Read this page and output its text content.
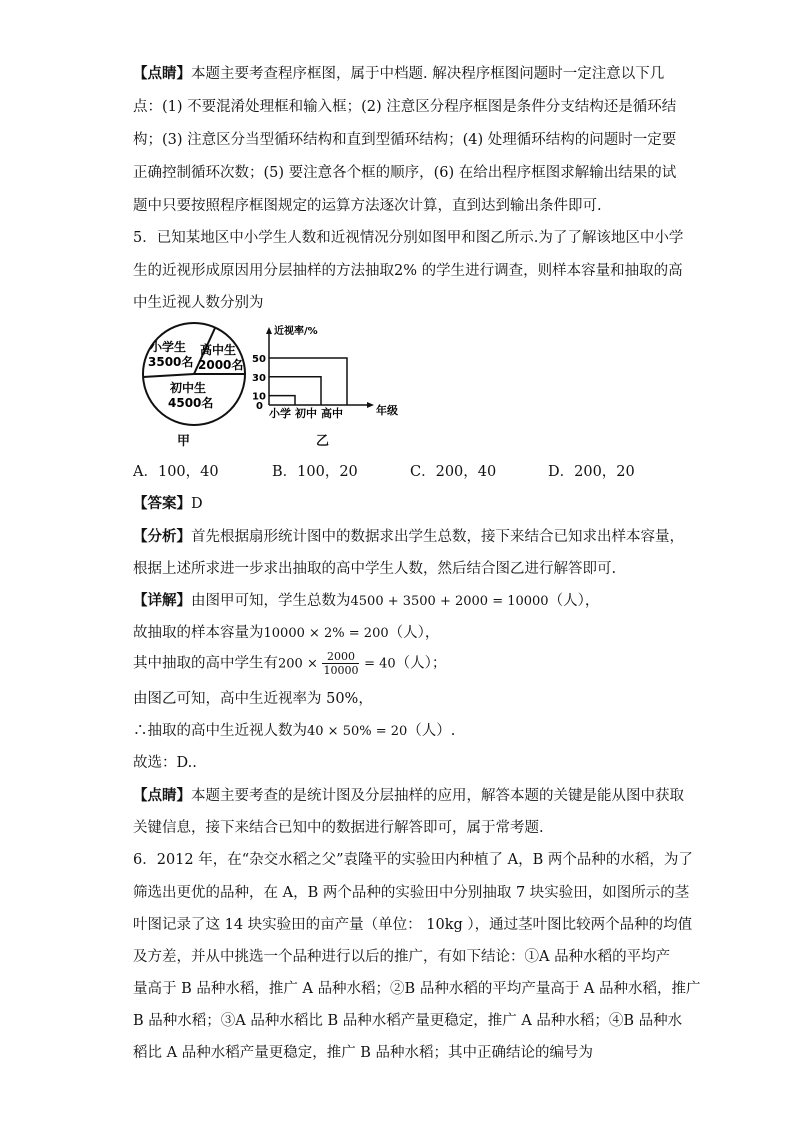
【点睛】本题主要考查程序框图，属于中档题. 解决程序框图问题时一定注意以下几
点：(1) 不要混淆处理框和输入框；(2) 注意区分程序框图是条件分支结构还是循环结
构；(3) 注意区分当型循环结构和直到型循环结构；(4) 处理循环结构的问题时一定要
正确控制循环次数；(5) 要注意各个框的顺序，(6) 在给出程序框图求解输出结果的试
题中只要按照程序框图规定的运算方法逐次计算，直到达到输出条件即可.
5．已知某地区中小学生人数和近视情况分别如图甲和图乙所示.为了了解该地区中小学
生的近视形成原因用分层抽样的方法抽取2% 的学生进行调查，则样本容量和抽取的高
中生近视人数分别为
小学生
3500名
高中生
2000名
初中生
4500名
甲
近视率/%
年级
0
10
30
50
小学 初中 高中
乙
A．100，40	B．100，20	C．200，40	D．200，20
【答案】D
【分析】首先根据扇形统计图中的数据求出学生总数，接下来结合已知求出样本容量，
根据上述所求进一步求出抽取的高中学生人数，然后结合图乙进行解答即可.
【详解】由图甲可知，学生总数为4500 + 3500 + 2000 = 10000（人），
故抽取的样本容量为10000 × 2% = 200（人），
其中抽取的高中学生有$200 \times \frac{2000}{10000} = 40$（人）；
由图乙可知，高中生近视率为 50%，
∴抽取的高中生近视人数为40 × 50% = 20（人）.
故选：D..
【点睛】本题主要考查的是统计图及分层抽样的应用，解答本题的关键是能从图中获取
关键信息，接下来结合已知中的数据进行解答即可，属于常考题.
6．2012 年，在“杂交水稻之父”袁隆平的实验田内种植了 A，B 两个品种的水稻，为了
筛选出更优的品种，在 A，B 两个品种的实验田中分别抽取 7 块实验田，如图所示的茎
叶图记录了这 14 块实验田的亩产量（单位： 10kg ），通过茎叶图比较两个品种的均值
及方差，并从中挑选一个品种进行以后的推广，有如下结论：①A 品种水稻的平均产
量高于 B 品种水稻，推广 A 品种水稻；②B 品种水稻的平均产量高于 A 品种水稻，推广
B 品种水稻；③A 品种水稻比 B 品种水稻产量更稳定，推广 A 品种水稻；④B 品种水
稻比 A 品种水稻产量更稳定，推广 B 品种水稻；其中正确结论的编号为
